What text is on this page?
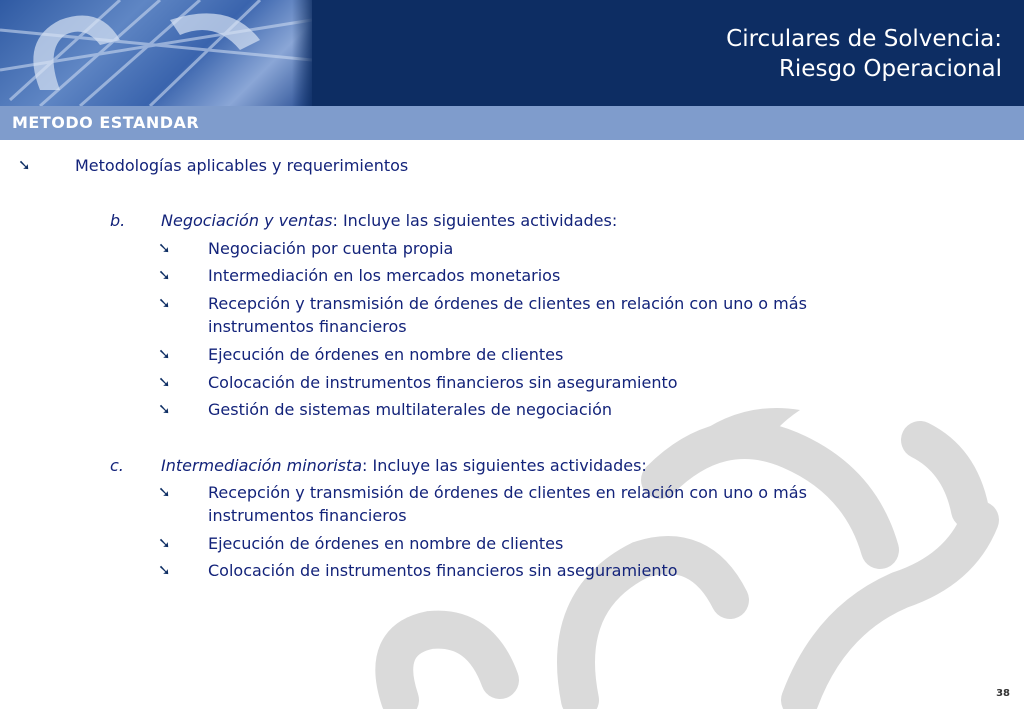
Circulares de Solvencia:
Riesgo Operacional
METODO ESTANDAR
➘	Metodologías aplicables y requerimientos
b. Negociación y ventas: Incluye las siguientes actividades:
➘ Negociación por cuenta propia
➘ Intermediación en los mercados monetarios
➘ Recepción y transmisión de órdenes de clientes en relación con uno o más
instrumentos financieros
➘ Ejecución de órdenes en nombre de clientes
➘ Colocación de instrumentos financieros sin aseguramiento
➘ Gestión de sistemas multilaterales de negociación
c. Intermediación minorista: Incluye las siguientes actividades:
➘ Recepción y transmisión de órdenes de clientes en relación con uno o más
instrumentos financieros
➘ Ejecución de órdenes en nombre de clientes
➘ Colocación de instrumentos financieros sin aseguramiento
38
